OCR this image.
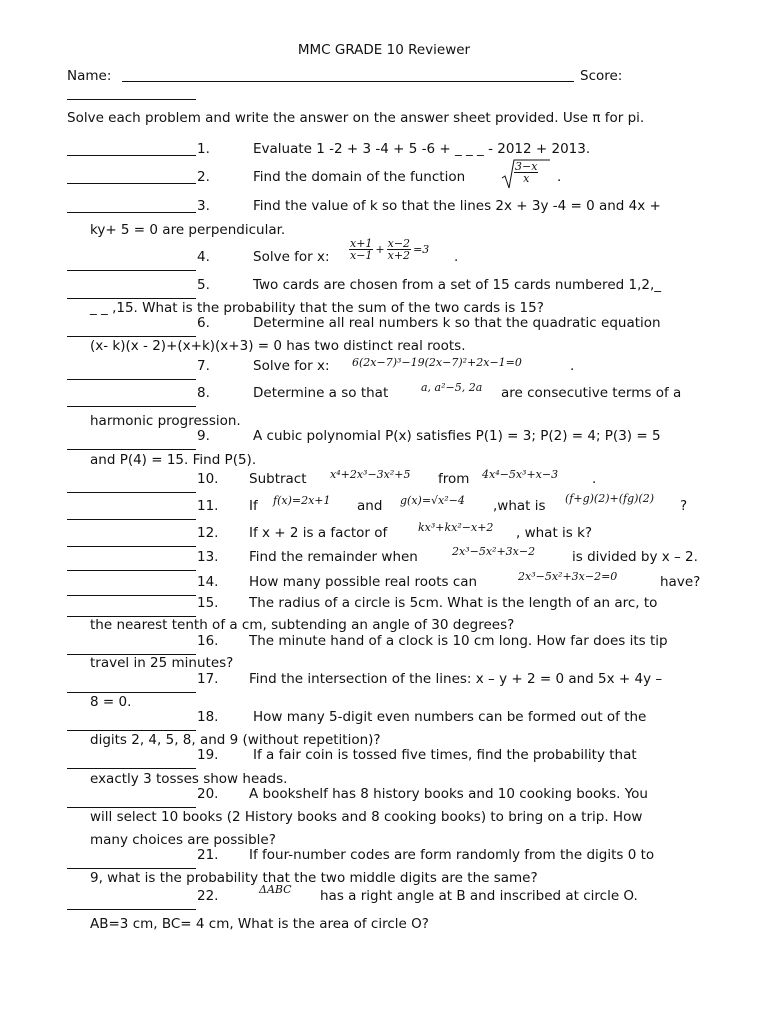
MMC GRADE 10 Reviewer
Name:	Score:
Solve each problem and write the answer on the answer sheet provided. Use π for pi.
1.	Evaluate 1 -2 + 3 -4 + 5 -6 + _ _ _ - 2012 + 2013.
2.	Find the domain of the function	$\frac{3-x}{x}$ .
3.	Find the value of k so that the lines 2x + 3y -4 = 0 and 4x +
ky+ 5 = 0 are perpendicular.
4.	Solve for x: $\frac{x+1}{x-1} + \frac{x-2}{x+2} =3$ .
5.	Two cards are chosen from a set of 15 cards numbered 1,2,_
_ _ ,15. What is the probability that the sum of the two cards is 15?
6.	Determine all real numbers k so that the quadratic equation
(x- k)(x - 2)+(x+k)(x+3) = 0 has two distinct real roots.
7.	Solve for x: 6(2x−7)³−19(2x−7)²+2x−1=0	.
8.	Determine a so that	a, a²−5, 2a are consecutive terms of a
harmonic progression.
9.	A cubic polynomial P(x) satisfies P(1) = 3; P(2) = 4; P(3) = 5
and P(4) = 15. Find P(5).
10. Subtract x⁴+2x³−3x²+5 from 4x⁴−5x³+x−3	.
11. If f(x)=2x+1 and g(x)=√x²−4 ,what is (f+g)(2)+(fg)(2) ?
12. If x + 2 is a factor of	kx³+kx²−x+2 , what is k?
13. Find the remainder when	2x³−5x²+3x−2	is divided by x – 2.
14. How many possible real roots can	2x³−5x²+3x−2=0	have?
15. The radius of a circle is 5cm. What is the length of an arc, to
the nearest tenth of a cm, subtending an angle of 30 degrees?
16. The minute hand of a clock is 10 cm long. How far does its tip
travel in 25 minutes?
17. Find the intersection of the lines: x – y + 2 = 0 and 5x + 4y –
8 = 0.
18.	How many 5-digit even numbers can be formed out of the
digits 2, 4, 5, 8, and 9 (without repetition)?
19.	If a fair coin is tossed five times, find the probability that
exactly 3 tosses show heads.
20. A bookshelf has 8 history books and 10 cooking books. You
will select 10 books (2 History books and 8 cooking books) to bring on a trip. How
many choices are possible?
21. If four-number codes are form randomly from the digits 0 to
9, what is the probability that the two middle digits are the same?
22.	ΔABC has a right angle at B and inscribed at circle O.
AB=3 cm, BC= 4 cm, What is the area of circle O?
